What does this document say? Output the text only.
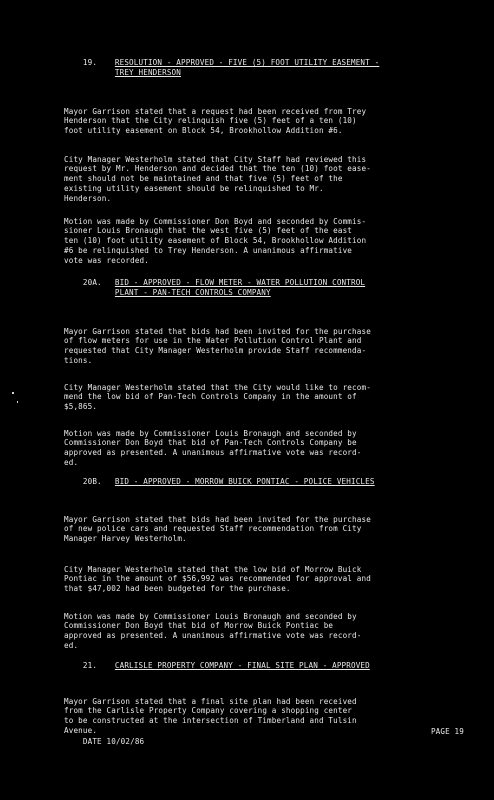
19. RESOLUTION - APPROVED - FIVE (5) FOOT UTILITY EASEMENT -
TREY HENDERSON

Mayor Garrison stated that a request had been received from Trey
Henderson that the City relinquish five (5) feet of a ten (10)
foot utility easement on Block 54, Brookhollow Addition #6.

City Manager Westerholm stated that City Staff had reviewed this
request by Mr. Henderson and decided that the ten (10) foot ease-
ment should not be maintained and that five (5) feet of the
existing utility easement should be relinquished to Mr.
Henderson.

Motion was made by Commissioner Don Boyd and seconded by Commis-
sioner Louis Bronaugh that the west five (5) feet of the east
ten (10) foot utility easement of Block 54, Brookhollow Addition
#6 be relinquished to Trey Henderson. A unanimous affirmative
vote was recorded.

20A. BID - APPROVED - FLOW METER - WATER POLLUTION CONTROL
PLANT - PAN-TECH CONTROLS COMPANY

Mayor Garrison stated that bids had been invited for the purchase
of flow meters for use in the Water Pollution Control Plant and
requested that City Manager Westerholm provide Staff recommenda-
tions.

City Manager Westerholm stated that the City would like to recom-
mend the low bid of Pan-Tech Controls Company in the amount of
$5,865.

Motion was made by Commissioner Louis Bronaugh and seconded by
Commissioner Don Boyd that bid of Pan-Tech Controls Company be
approved as presented. A unanimous affirmative vote was record-
ed.

20B. BID - APPROVED - MORROW BUICK PONTIAC - POLICE VEHICLES

Mayor Garrison stated that bids had been invited for the purchase
of new police cars and requested Staff recommendation from City
Manager Harvey Westerholm.

City Manager Westerholm stated that the low bid of Morrow Buick
Pontiac in the amount of $56,992 was recommended for approval and
that $47,002 had been budgeted for the purchase.

Motion was made by Commissioner Louis Bronaugh and seconded by
Commissioner Don Boyd that bid of Morrow Buick Pontiac be
approved as presented. A unanimous affirmative vote was record-
ed.

21. CARLISLE PROPERTY COMPANY - FINAL SITE PLAN - APPROVED

Mayor Garrison stated that a final site plan had been received
from the Carlisle Property Company covering a shopping center
to be constructed at the intersection of Timberland and Tulsin
Avenue.

DATE 10/02/86

PAGE 19
